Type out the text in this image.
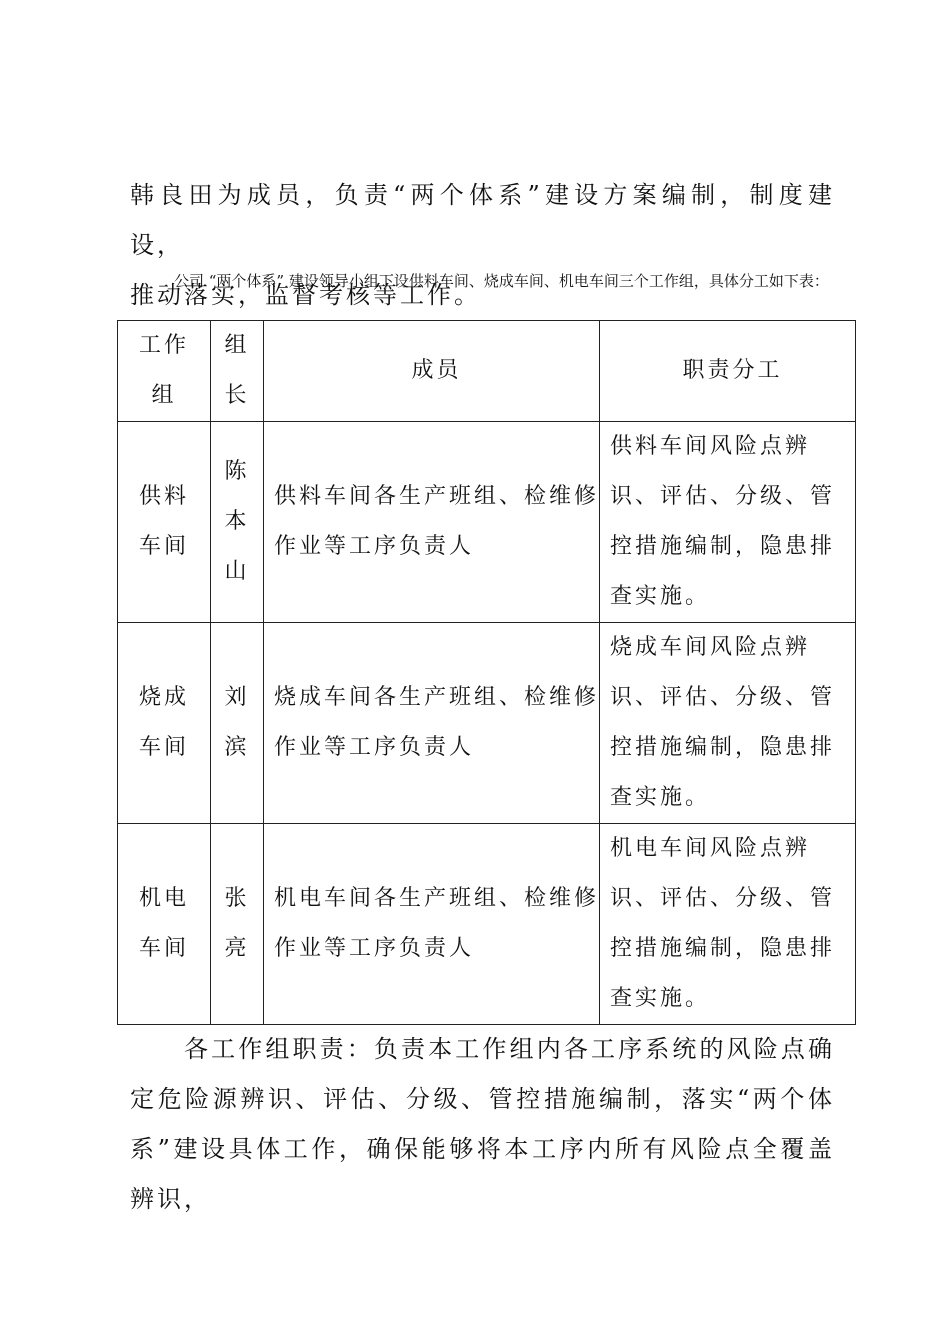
韩良田为成员，负责“两个体系”建设方案编制，制度建设，
推动落实，监督考核等工作。

公司 “两个体系” 建设领导小组下设供料车间、烧成车间、机电车间三个工作组，具体分工如下表：

工作组	组长	成员	职责分工
供料车间	陈本山	供料车间各生产班组、检维修作业等工序负责人	供料车间风险点辨识、评估、分级、管控措施编制，隐患排查实施。
烧成车间	刘滨	烧成车间各生产班组、检维修作业等工序负责人	烧成车间风险点辨识、评估、分级、管控措施编制，隐患排查实施。
机电车间	张亮	机电车间各生产班组、检维修作业等工序负责人	机电车间风险点辨识、评估、分级、管控措施编制，隐患排查实施。

各工作组职责：负责本工作组内各工序系统的风险点确定危险源辨识、评估、分级、管控措施编制，落实“两个体系”建设具体工作，确保能够将本工序内所有风险点全覆盖辨识，
